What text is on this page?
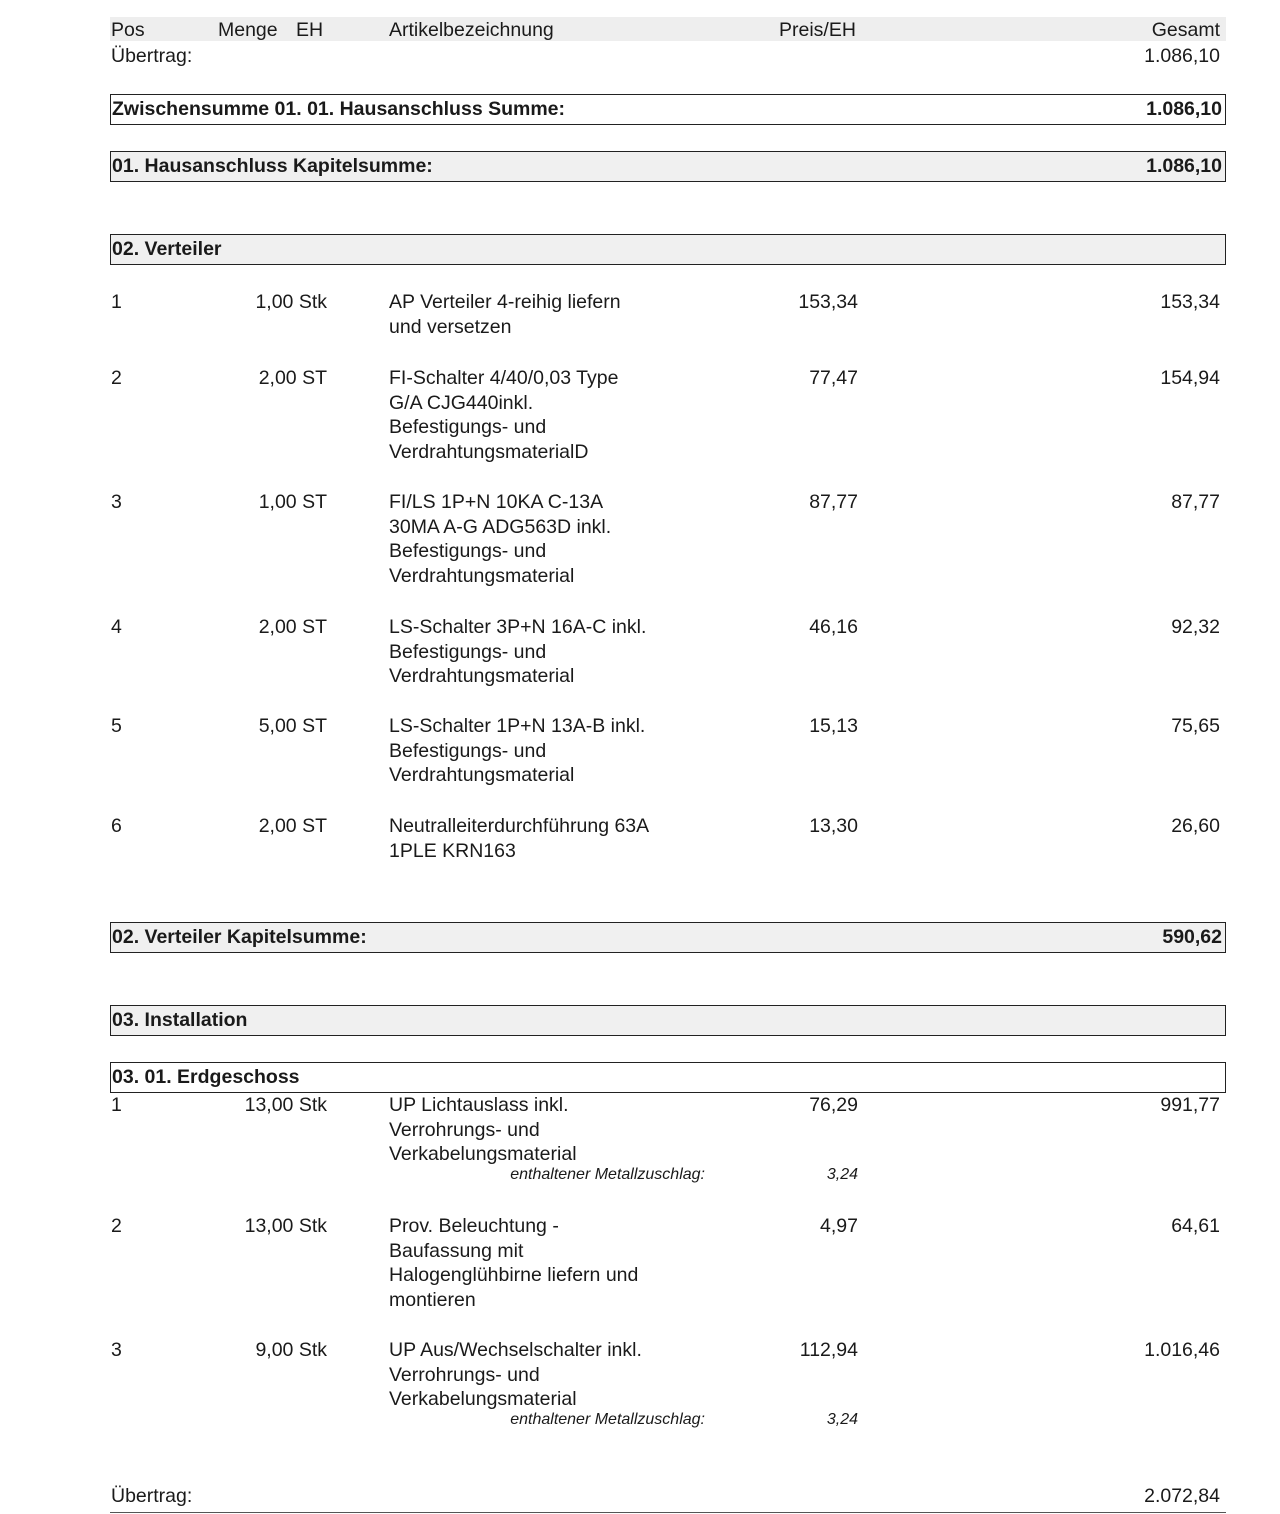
Pos	Menge EH	Artikelbezeichnung	Preis/EH	Gesamt
Übertrag:	1.086,10
Zwischensumme 01. 01. Hausanschluss Summe:	1.086,10
01. Hausanschluss Kapitelsumme:	1.086,10
02. Verteiler
1	1,00 Stk	AP Verteiler 4-reihig liefern
und versetzen
153,34	153,34
2	2,00 ST	FI-Schalter 4/40/0,03 Type
G/A CJG440inkl.
Befestigungs- und
VerdrahtungsmaterialD
77,47	154,94
3	1,00 ST	FI/LS 1P+N 10KA C-13A
30MA A-G ADG563D inkl.
Befestigungs- und
Verdrahtungsmaterial
87,77	87,77
4	2,00 ST	LS-Schalter 3P+N 16A-C inkl.
Befestigungs- und
Verdrahtungsmaterial
46,16	92,32
5	5,00 ST	LS-Schalter 1P+N 13A-B inkl.
Befestigungs- und
Verdrahtungsmaterial
15,13	75,65
6	2,00 ST	Neutralleiterdurchführung 63A
1PLE KRN163
13,30	26,60
02. Verteiler Kapitelsumme:	590,62
03. Installation
03. 01. Erdgeschoss
1	13,00 Stk	UP Lichtauslass inkl.
Verrohrungs- und
Verkabelungsmaterial
76,29	991,77
enthaltener Metallzuschlag:	3,24
2	13,00 Stk	Prov. Beleuchtung -
Baufassung mit
Halogenglühbirne liefern und
montieren
4,97	64,61
3	9,00 Stk	UP Aus/Wechselschalter inkl.
Verrohrungs- und
Verkabelungsmaterial
112,94	1.016,46
enthaltener Metallzuschlag:	3,24
Übertrag:	2.072,84
